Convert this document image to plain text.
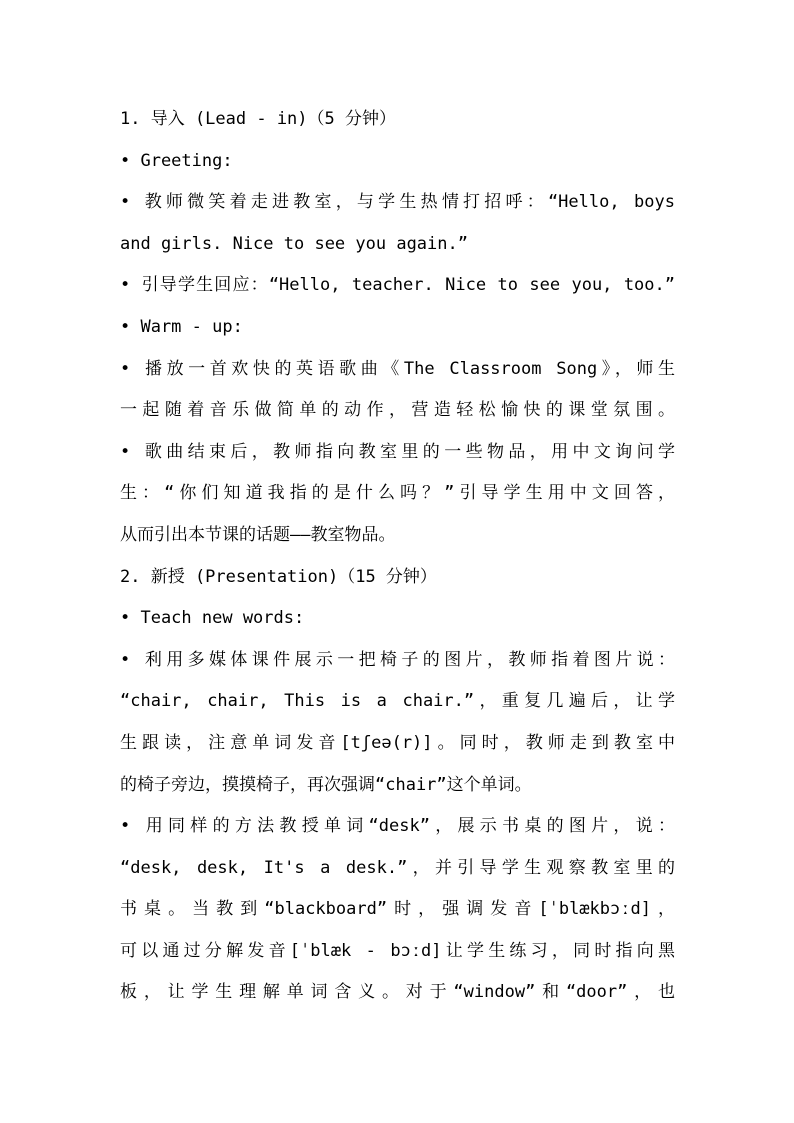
1. 导入 (Lead - in)（5 分钟）
• Greeting:
• 教师微笑着走进教室，与学生热情打招呼：“Hello, boys
and girls. Nice to see you again.”
• 引导学生回应：“Hello, teacher. Nice to see you, too.”
• Warm - up:
• 播放一首欢快的英语歌曲《The Classroom Song》，师生
一起随着音乐做简单的动作，营造轻松愉快的课堂氛围。
• 歌曲结束后，教师指向教室里的一些物品，用中文询问学
生：“你们知道我指的是什么吗？”引导学生用中文回答，
从而引出本节课的话题——教室物品。
2. 新授 (Presentation)（15 分钟）
• Teach new words:
• 利用多媒体课件展示一把椅子的图片，教师指着图片说：
“chair, chair, This is a chair.”，重复几遍后，让学
生跟读，注意单词发音[tʃeə(r)]。同时，教师走到教室中
的椅子旁边，摸摸椅子，再次强调“chair”这个单词。
• 用同样的方法教授单词“desk”，展示书桌的图片，说：
“desk, desk, It's a desk.”，并引导学生观察教室里的
书桌。当教到“blackboard”时，强调发音[ˈblækbɔːd]，
可以通过分解发音[ˈblæk - bɔːd]让学生练习，同时指向黑
板，让学生理解单词含义。对于“window”和“door”，也
